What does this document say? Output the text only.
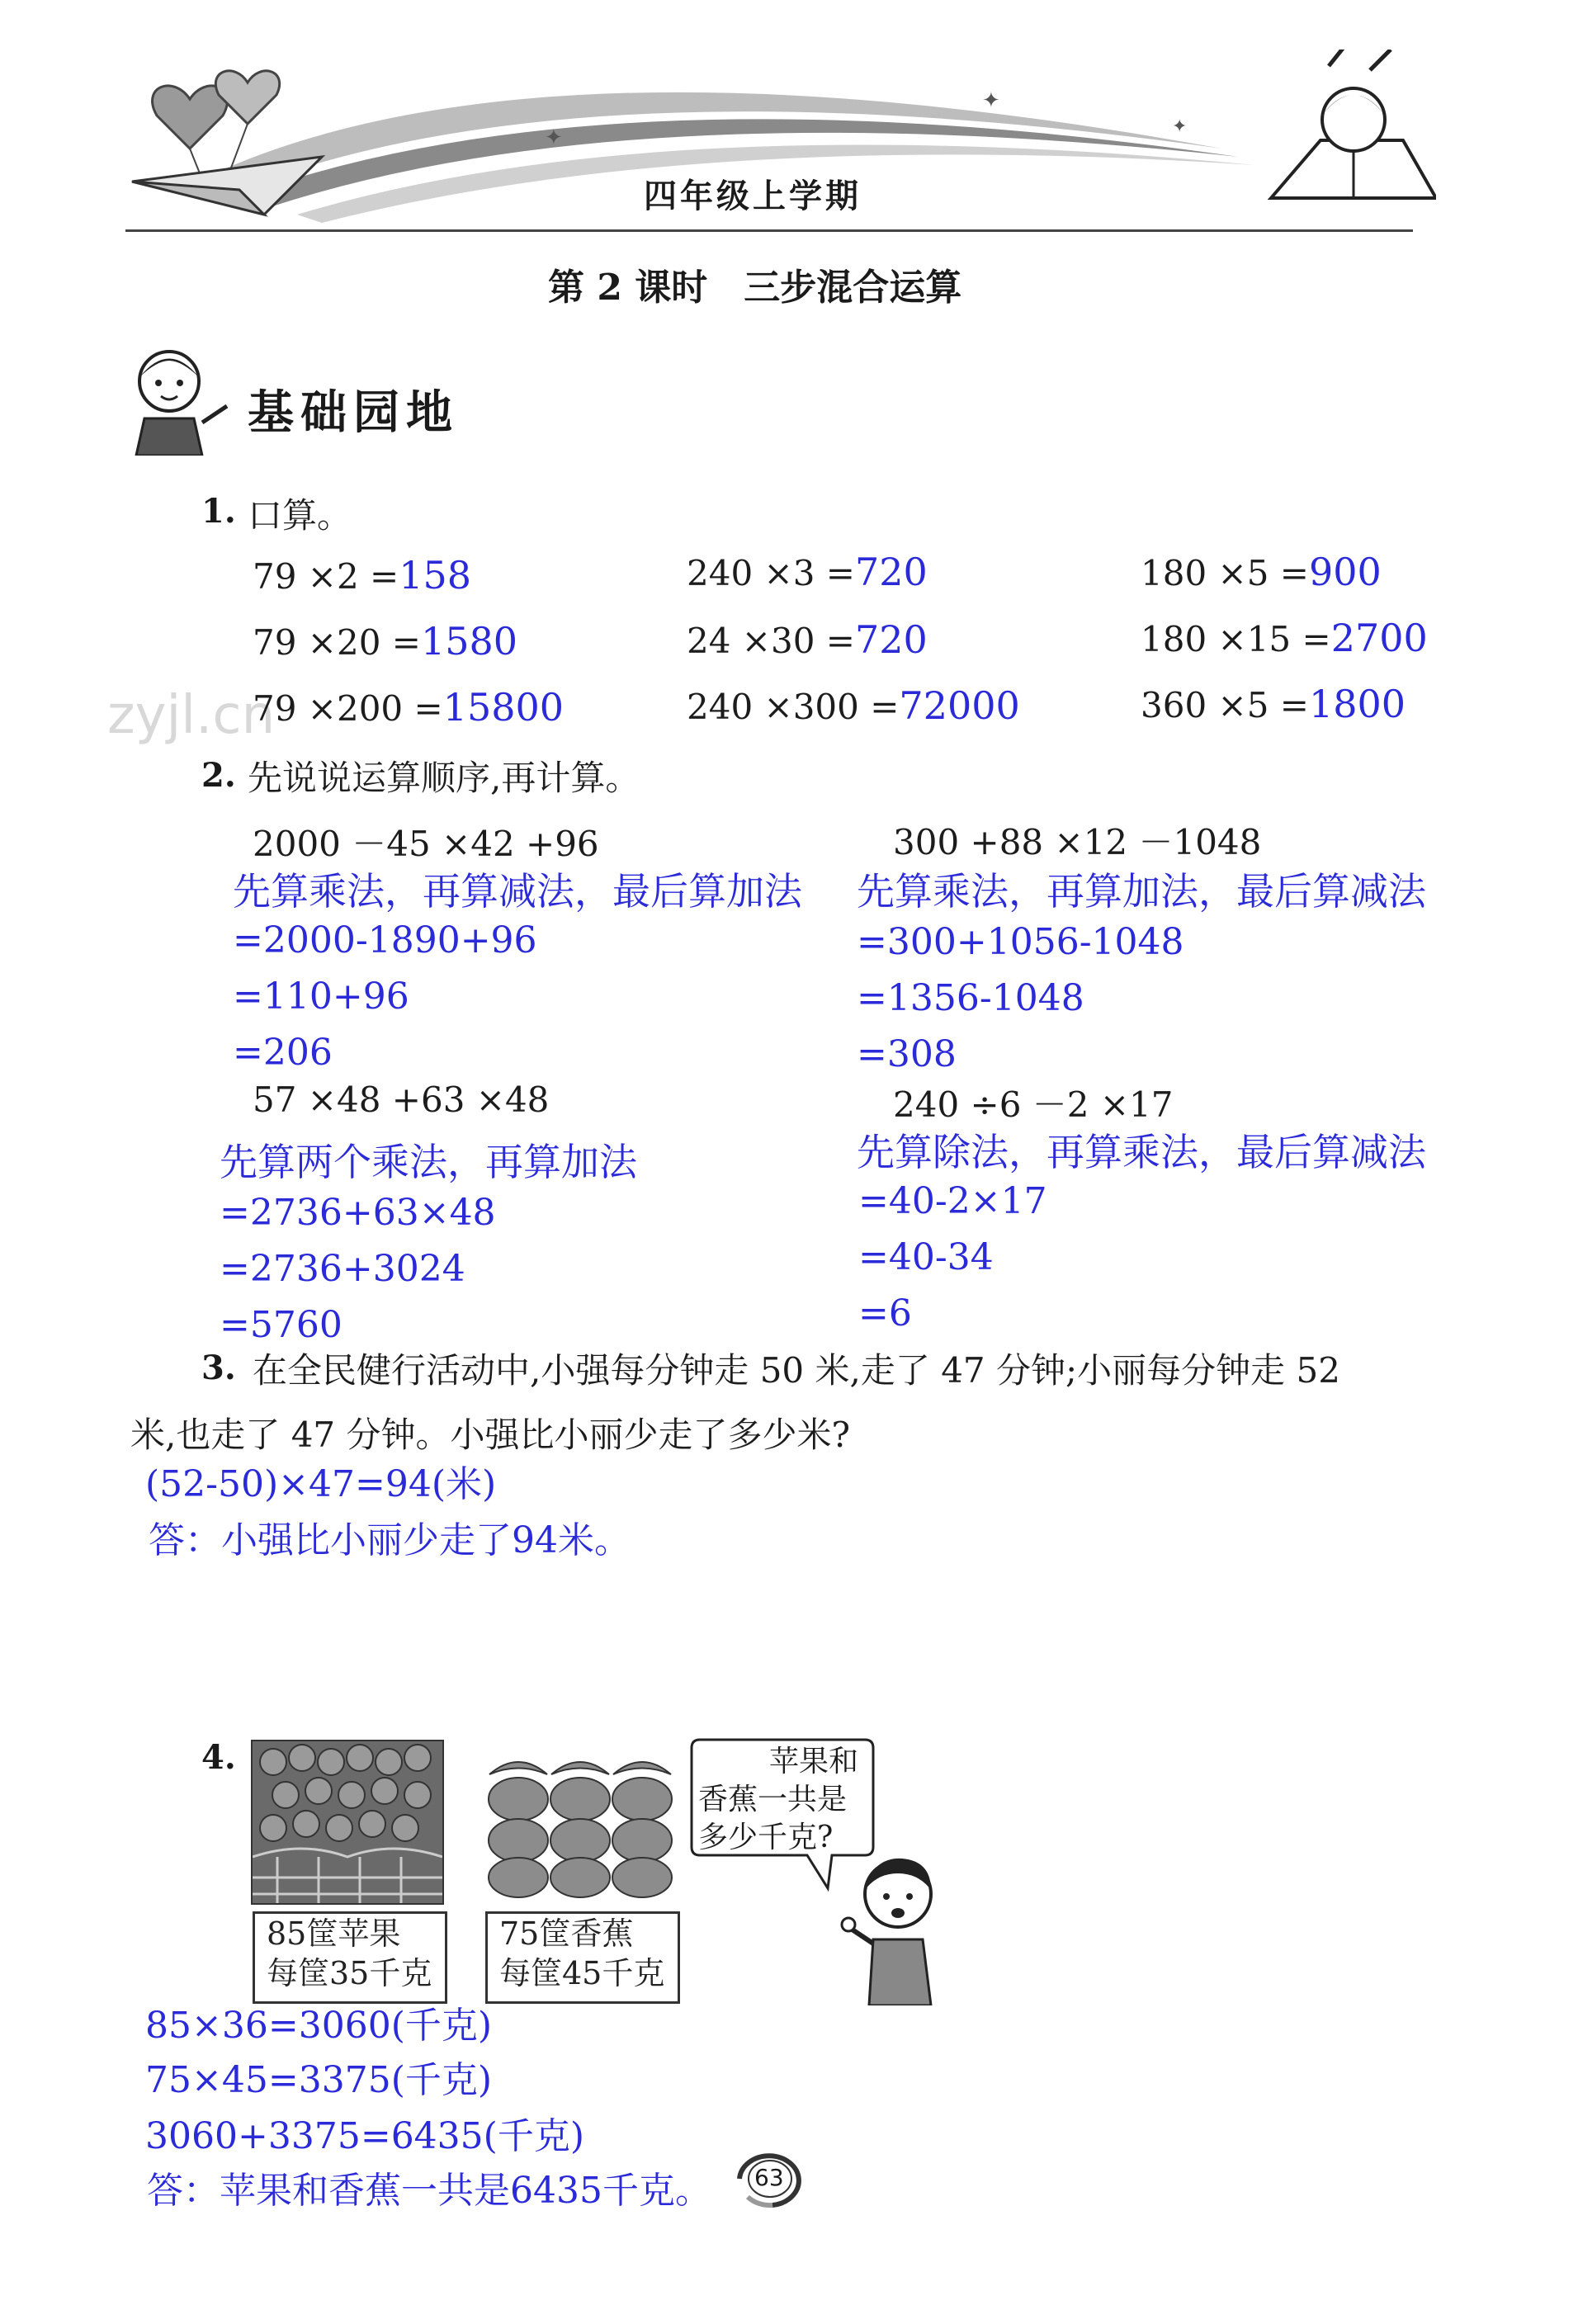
✦
✦
✦
四年级上学期
第 2 课时　三步混合运算
基础园地
zyjl.cn
1. 口算。
79 ×2 =158	240 ×3 =720	180 ×5 =900
79 ×20 =1580	24 ×30 =720	180 ×15 =2700
79 ×200 =15800	240 ×300 =72000	360 ×5 =1800
2. 先说说运算顺序,再计算。
2000 －45 ×42 +96
先算乘法，再算减法，最后算加法
=2000-1890+96
=110+96
=206
300 +88 ×12 －1048
先算乘法，再算加法，最后算减法
=300+1056-1048
=1356-1048
=308
57 ×48 +63 ×48
先算两个乘法，再算加法
=2736+63×48
=2736+3024
=5760
240 ÷6 －2 ×17
先算除法，再算乘法，最后算减法
=40-2×17
=40-34
=6
3. 在全民健行活动中,小强每分钟走 50 米,走了 47 分钟;小丽每分钟走 52
米,也走了 47 分钟。小强比小丽少走了多少米?
(52-50)×47=94(米)
答：小强比小丽少走了94米。
4.
85筐苹果
每筐35千克
75筐香蕉
每筐45千克
苹果和
香蕉一共是
多少千克?
85×36=3060(千克)
75×45=3375(千克)
3060+3375=6435(千克)
答：苹果和香蕉一共是6435千克。 63
